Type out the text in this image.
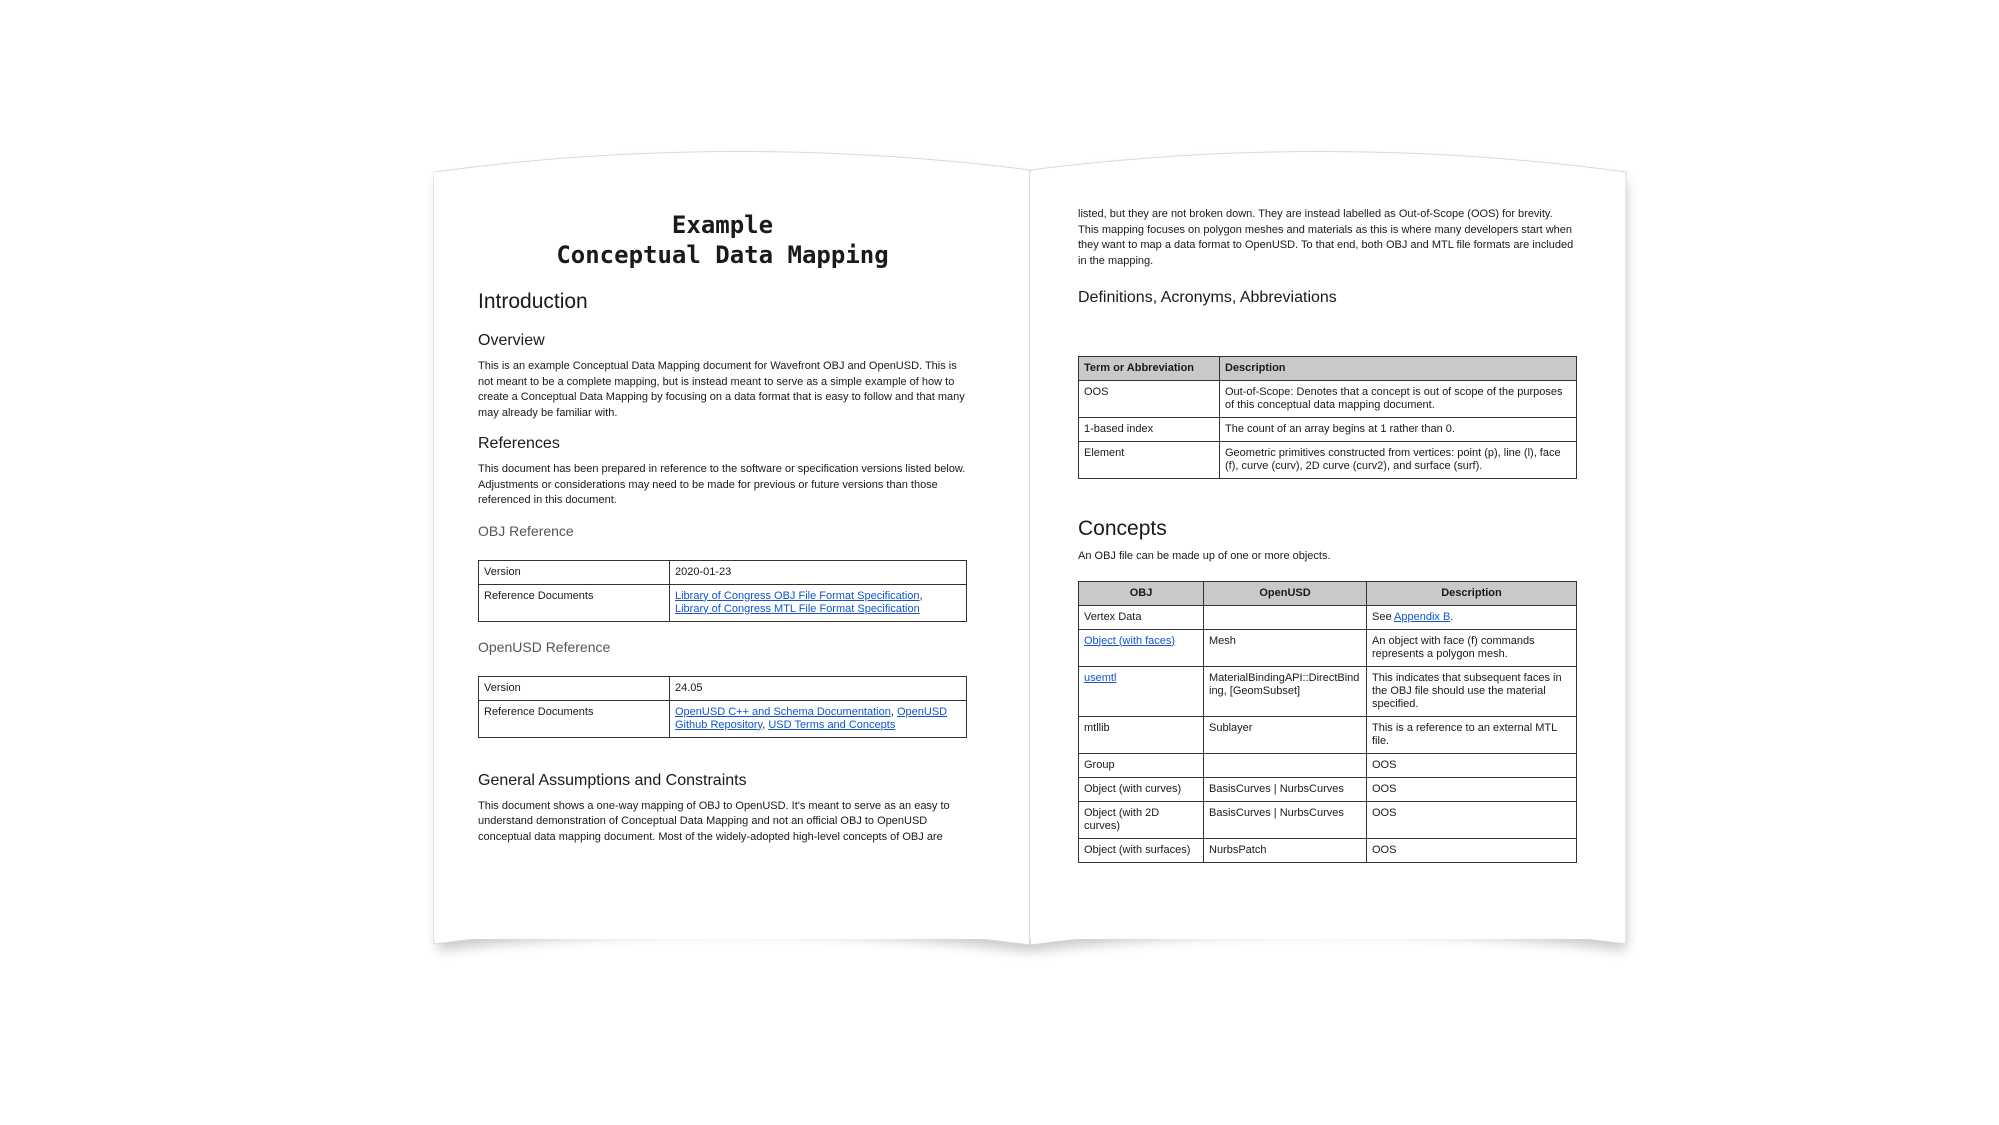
Example
Conceptual Data Mapping
Introduction
Overview

This is an example Conceptual Data Mapping document for Wavefront OBJ and OpenUSD. This is not meant to be a complete mapping, but is instead meant to serve as a simple example of how to create a Conceptual Data Mapping by focusing on a data format that is easy to follow and that many may already be familiar with.

References

This document has been prepared in reference to the software or specification versions listed below. Adjustments or considerations may need to be made for previous or future versions than those referenced in this document.

OBJ Reference
Version	2020-01-23
Reference Documents	Library of Congress OBJ File Format Specification,
Library of Congress MTL File Format Specification
OpenUSD Reference
Version	24.05
Reference Documents	OpenUSD C++ and Schema Documentation, OpenUSD Github Repository, USD Terms and Concepts
General Assumptions and Constraints

This document shows a one-way mapping of OBJ to OpenUSD. It's meant to serve as an easy to understand demonstration of Conceptual Data Mapping and not an official OBJ to OpenUSD conceptual data mapping document. Most of the widely-adopted high-level concepts of OBJ are

listed, but they are not broken down. They are instead labelled as Out-of-Scope (OOS) for brevity.

This mapping focuses on polygon meshes and materials as this is where many developers start when they want to map a data format to OpenUSD. To that end, both OBJ and MTL file formats are included in the mapping.

Definitions, Acronyms, Abbreviations
Term or Abbreviation	Description
OOS	Out-of-Scope: Denotes that a concept is out of scope of the purposes of this conceptual data mapping document.
1-based index	The count of an array begins at 1 rather than 0.
Element	Geometric primitives constructed from vertices: point (p), line (l), face (f), curve (curv), 2D curve (curv2), and surface (surf).
Concepts

An OBJ file can be made up of one or more objects.

OBJ	OpenUSD	Description
Vertex Data		See Appendix B.
Object (with faces)	Mesh	An object with face (f) commands represents a polygon mesh.
usemtl	MaterialBindingAPI::DirectBinding, [GeomSubset]	This indicates that subsequent faces in the OBJ file should use the material specified.
mtllib	Sublayer	This is a reference to an external MTL file.
Group		OOS
Object (with curves)	BasisCurves | NurbsCurves	OOS
Object (with 2D curves)	BasisCurves | NurbsCurves	OOS
Object (with surfaces)	NurbsPatch	OOS
